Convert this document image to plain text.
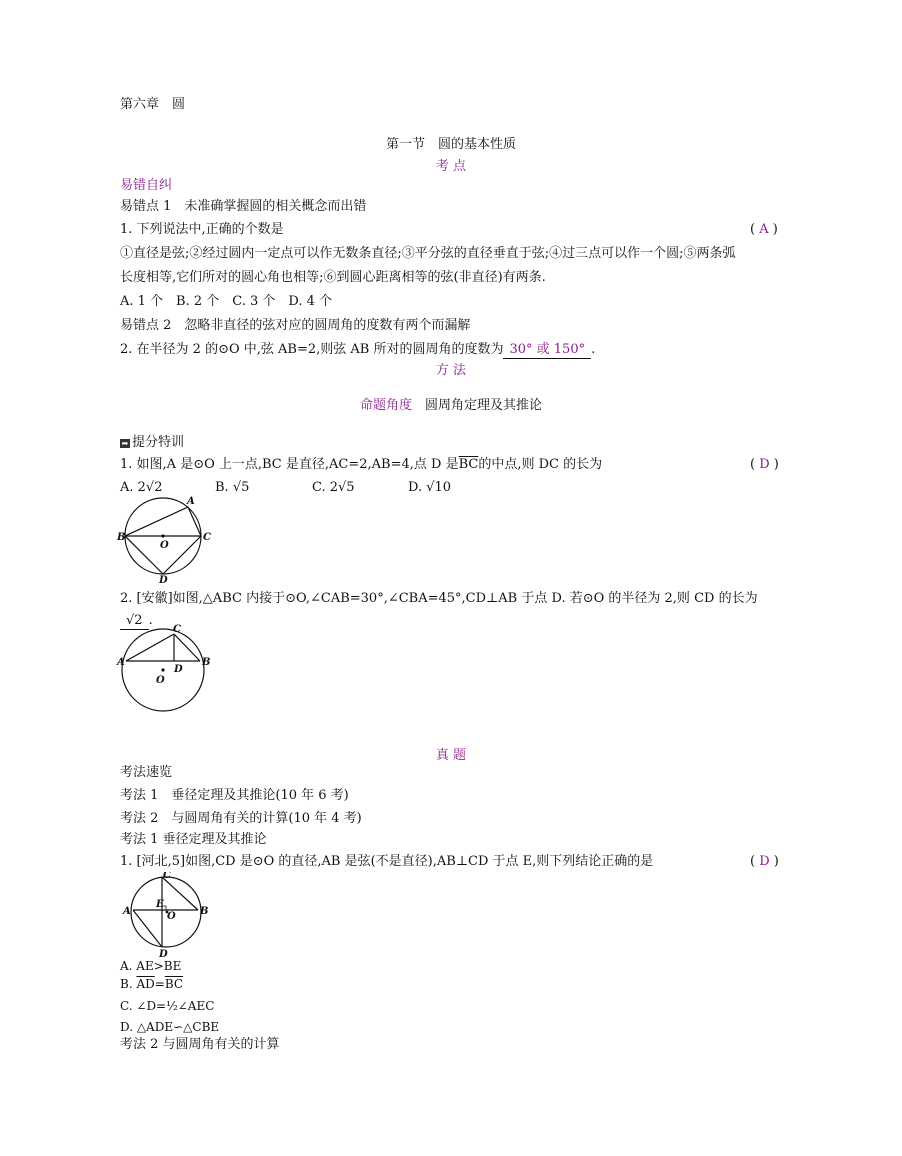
第六章　圆
第一节　圆的基本性质
考 点
易错自纠
易错点 1　未准确掌握圆的相关概念而出错
1. 下列说法中,正确的个数是	( A )
①直径是弦;②经过圆内一定点可以作无数条直径;③平分弦的直径垂直于弦;④过三点可以作一个圆;⑤两条弧
长度相等,它们所对的圆心角也相等;⑥到圆心距离相等的弦(非直径)有两条.
A. 1 个　B. 2 个　C. 3 个　D. 4 个
易错点 2　忽略非直径的弦对应的圆周角的度数有两个而漏解
2. 在半径为 2 的⊙O 中,弦 AB=2,则弦 AB 所对的圆周角的度数为 30° 或 150° .
方 法
命题角度　 圆周角定理及其推论
➡ 提分特训
1. 如图,A 是⊙O 上一点,BC 是直径,AC=2,AB=4,点 D 是$\overline{BC}$的中点,则 DC 的长为	( D )
A. 2√2	B. √5	C. 2√5	D. √10
A
B	C
D
O
2. [安徽]如图,△ABC 内接于⊙O,∠CAB=30°,∠CBA=45°,CD⊥AB 于点 D. 若⊙O 的半径为 2,则 CD 的长为
√2 .
A	B
C
D
O
真 题
考法速览
考法 1　垂径定理及其推论(10 年 6 考)
考法 2　与圆周角有关的计算(10 年 4 考)
考法 1 垂径定理及其推论
1. [河北,5]如图,CD 是⊙O 的直径,AB 是弦(不是直径),AB⊥CD 于点 E,则下列结论正确的是	( D )
C
A	B
E
O
D
A. AE>BE
B. $\overline{AD}=\overline{BC}$
C. ∠D=½∠AEC
D. △ADE∽△CBE
考法 2 与圆周角有关的计算
